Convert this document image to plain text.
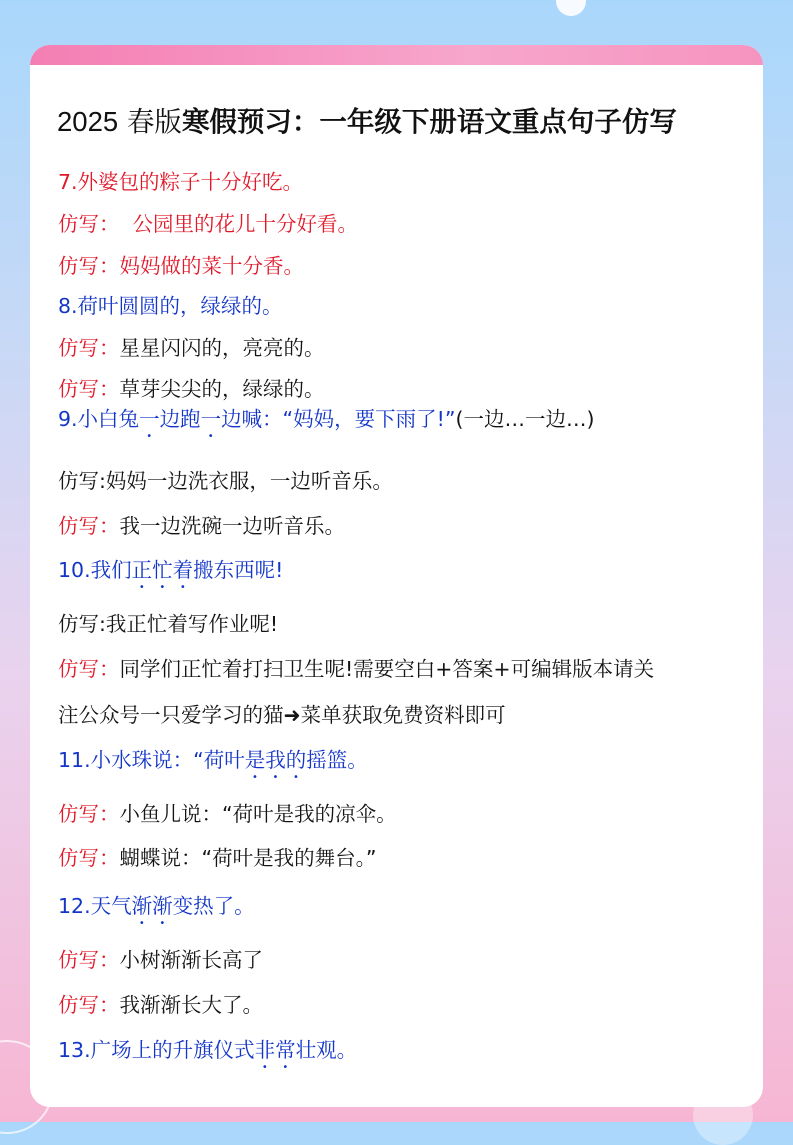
2025 春版寒假预习：一年级下册语文重点句子仿写
7.外婆包的粽子十分好吃。
仿写：  公园里的花儿十分好看。
仿写：妈妈做的菜十分香。
8.荷叶圆圆的，绿绿的。
仿写：星星闪闪的，亮亮的。
仿写：草芽尖尖的，绿绿的。
9.小白兔一边跑一边喊：“妈妈，要下雨了!”(一边…一边…)
仿写:妈妈一边洗衣服，一边听音乐。
仿写：我一边洗碗一边听音乐。
10.我们正忙着搬东西呢!
仿写:我正忙着写作业呢!
仿写：同学们正忙着打扫卫生呢!需要空白+答案+可编辑版本请关
注公众号一只爱学习的猫➜菜单获取免费资料即可
11.小水珠说：“荷叶是我的摇篮。
仿写：小鱼儿说：“荷叶是我的凉伞。
仿写：蝴蝶说：“荷叶是我的舞台。”
12.天气渐渐变热了。
仿写：小树渐渐长高了
仿写：我渐渐长大了。
13.广场上的升旗仪式非常壮观。
